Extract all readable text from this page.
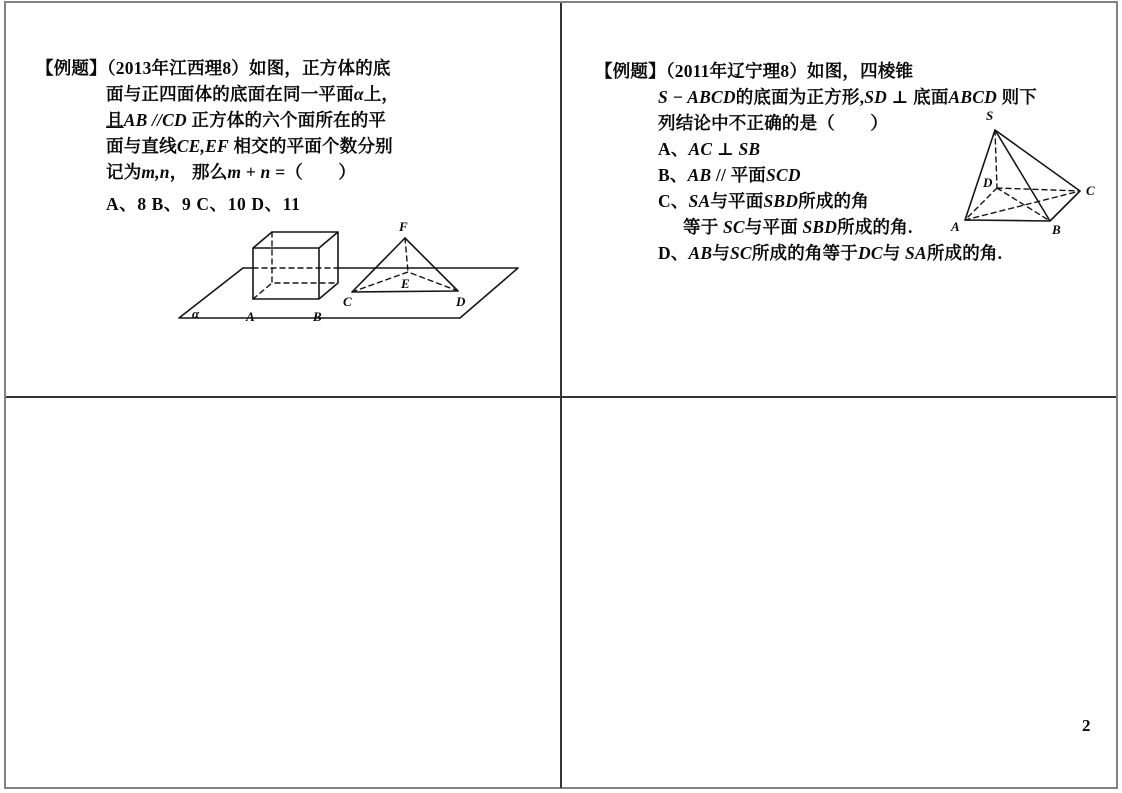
【例题】（2013年江西理8）如图，正方体的底
面与正四面体的底面在同一平面α上，
且AB //CD 正方体的六个面所在的平
面与直线CE,EF 相交的平面个数分别
记为m,n， 那么m + n =（　　）
A、8 B、9 C、10 D、11
α	A	B
C	D
E
F
【例题】（2011年辽宁理8）如图，四棱锥
S − ABCD的底面为正方形,SD ⊥ 底面ABCD 则下
列结论中不正确的是（　　）
A、AC ⊥ SB
B、AB // 平面SCD
C、SA与平面SBD所成的角
等于 SC与平面 SBD所成的角.
D、AB与SC所成的角等于DC与 SA所成的角.
S
D
C
A	B
2
